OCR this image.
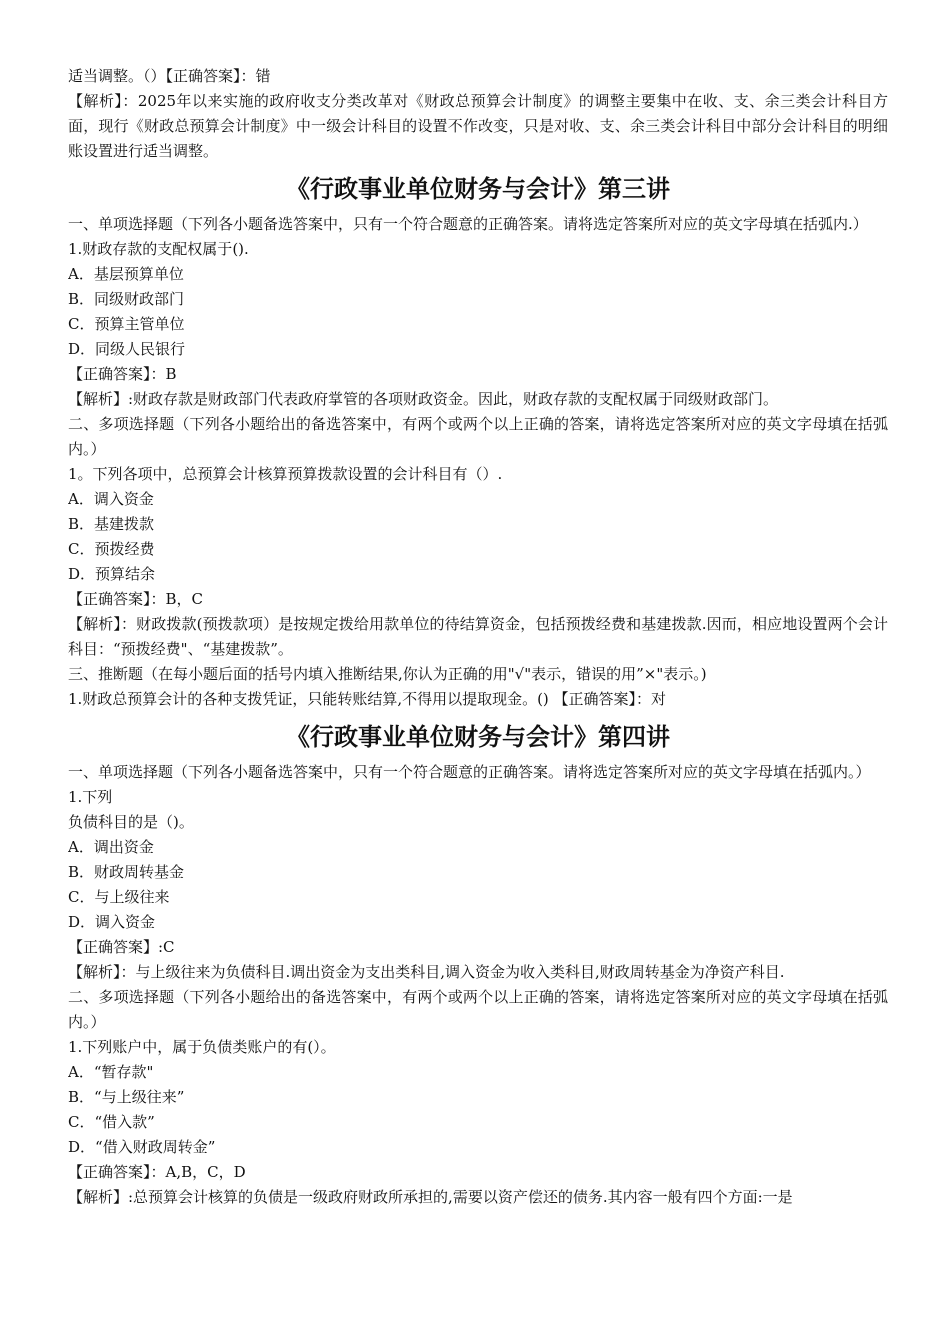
适当调整。（）【正确答案】：错
【解析】：2025年以来实施的政府收支分类改革对《财政总预算会计制度》的调整主要集中在收、支、余三类会计科目方面，现行《财政总预算会计制度》中一级会计科目的设置不作改变，只是对收、支、余三类会计科目中部分会计科目的明细账设置进行适当调整。
《行政事业单位财务与会计》第三讲
一、单项选择题（下列各小题备选答案中，只有一个符合题意的正确答案。请将选定答案所对应的英文字母填在括弧内.）
1.财政存款的支配权属于().
A．基层预算单位
B．同级财政部门
C．预算主管单位
D．同级人民银行
【正确答案】：B
【解析】:财政存款是财政部门代表政府掌管的各项财政资金。因此，财政存款的支配权属于同级财政部门。
二、多项选择题（下列各小题给出的备选答案中，有两个或两个以上正确的答案，请将选定答案所对应的英文字母填在括弧内。）
1。下列各项中，总预算会计核算预算拨款设置的会计科目有（）.
A．调入资金
B．基建拨款
C．预拨经费
D．预算结余
【正确答案】：B，C
【解析】：财政拨款(预拨款项）是按规定拨给用款单位的待结算资金，包括预拨经费和基建拨款.因而，相应地设置两个会计科目：“预拨经费"、“基建拨款”。
三、推断题（在每小题后面的括号内填入推断结果,你认为正确的用"√"表示，错误的用”×"表示。)
1.财政总预算会计的各种支拨凭证，只能转账结算,不得用以提取现金。() 【正确答案】：对
《行政事业单位财务与会计》第四讲
一、单项选择题（下列各小题备选答案中，只有一个符合题意的正确答案。请将选定答案所对应的英文字母填在括弧内。）
1.下列
负债科目的是（)。
A．调出资金
B．财政周转基金
C．与上级往来
D．调入资金
【正确答案】:C
【解析】：与上级往来为负债科目.调出资金为支出类科目,调入资金为收入类科目,财政周转基金为净资产科目.
二、多项选择题（下列各小题给出的备选答案中，有两个或两个以上正确的答案，请将选定答案所对应的英文字母填在括弧内。）
1.下列账户中，属于负债类账户的有(）。
A．“暂存款"
B．“与上级往来”
C．“借入款”
D．“借入财政周转金”
【正确答案】：A,B，C，D
【解析】:总预算会计核算的负债是一级政府财政所承担的,需要以资产偿还的债务.其内容一般有四个方面:一是
